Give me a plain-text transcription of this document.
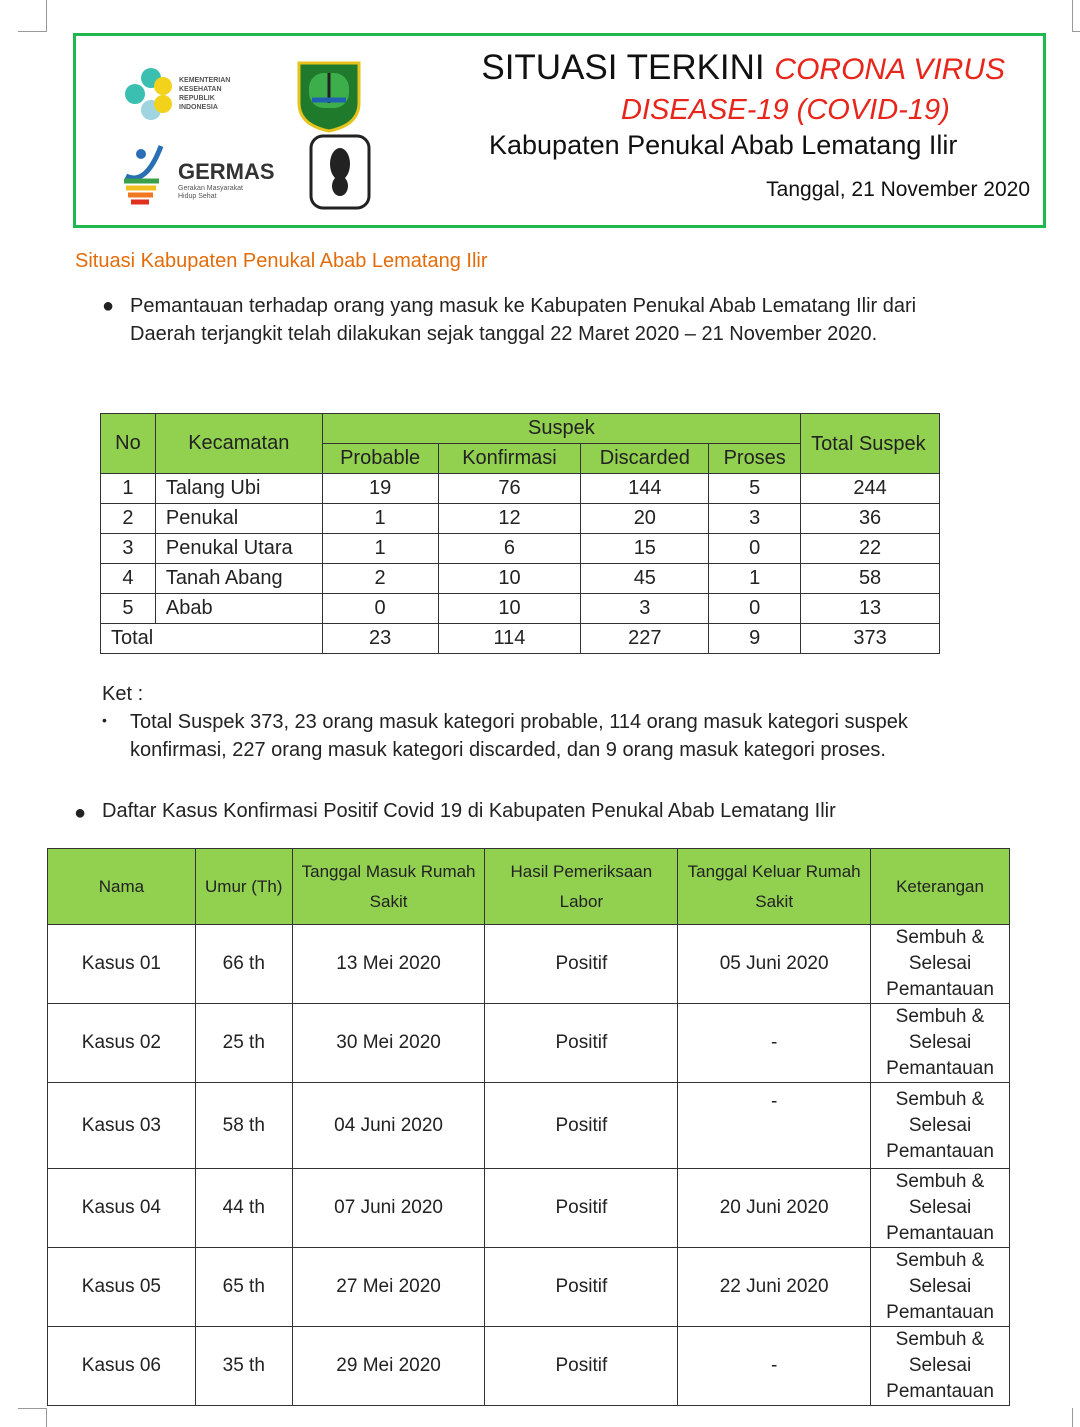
KEMENTERIAN
KESEHATAN
REPUBLIK
INDONESIA
GERMAS
Gerakan Masyarakat
Hidup Sehat
SITUASI TERKINI CORONA VIRUS
DISEASE-19 (COVID-19)
Kabupaten Penukal Abab Lematang Ilir
Tanggal, 21 November 2020
Situasi Kabupaten Penukal Abab Lematang Ilir
● Pemantauan terhadap orang yang masuk ke Kabupaten Penukal Abab Lematang Ilir dari Daerah terjangkit telah dilakukan sejak tanggal 22 Maret 2020 – 21 November 2020.
No	Kecamatan	Suspek				Total Suspek
		Probable	Konfirmasi	Discarded	Proses	
1	Talang Ubi	19	76	144	5	244
2	Penukal	1	12	20	3	36
3	Penukal Utara	1	6	15	0	22
4	Tanah Abang	2	10	45	1	58
5	Abab	0	10	3	0	13
Total		23	114	227	9	373
Ket :
• Total Suspek 373, 23 orang masuk kategori probable, 114 orang masuk kategori suspek konfirmasi, 227 orang masuk kategori discarded, dan 9 orang masuk kategori proses.
● Daftar Kasus Konfirmasi Positif Covid 19 di Kabupaten Penukal Abab Lematang Ilir
Nama	Umur (Th)	Tanggal Masuk Rumah Sakit	Hasil Pemeriksaan Labor	Tanggal Keluar Rumah Sakit	Keterangan
Kasus 01	66 th	13 Mei 2020	Positif	05 Juni 2020	Sembuh & Selesai Pemantauan
Kasus 02	25 th	30 Mei 2020	Positif	-	Sembuh & Selesai Pemantauan
Kasus 03	58 th	04 Juni 2020	Positif	-	Sembuh & Selesai Pemantauan
Kasus 04	44 th	07 Juni 2020	Positif	20 Juni 2020	Sembuh & Selesai Pemantauan
Kasus 05	65 th	27 Mei 2020	Positif	22 Juni 2020	Sembuh & Selesai Pemantauan
Kasus 06	35 th	29 Mei 2020	Positif	-	Sembuh & Selesai Pemantauan
